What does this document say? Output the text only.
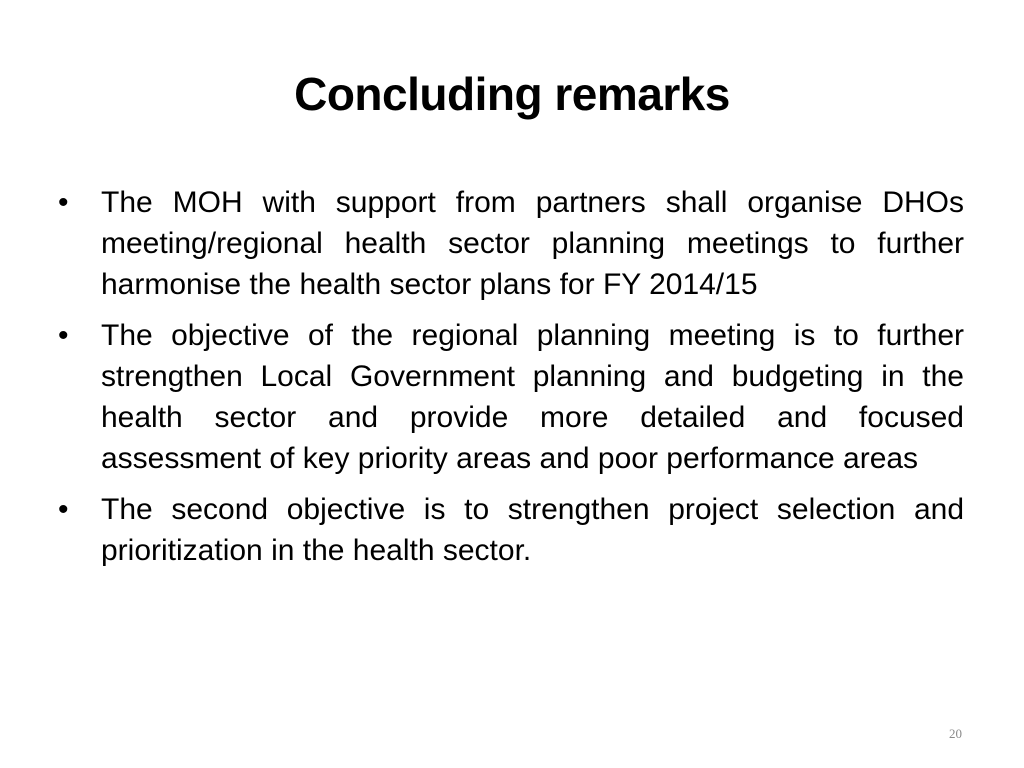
Concluding remarks
•	The MOH with support from partners shall organise DHOs meeting/regional health sector planning meetings to further harmonise the health sector plans for FY 2014/15
•	The objective of the regional planning meeting is to further strengthen Local Government planning and budgeting in the health sector and provide more detailed and focused assessment of key priority areas and poor performance areas
•	The second objective is to strengthen project selection and prioritization in the health sector.
20
